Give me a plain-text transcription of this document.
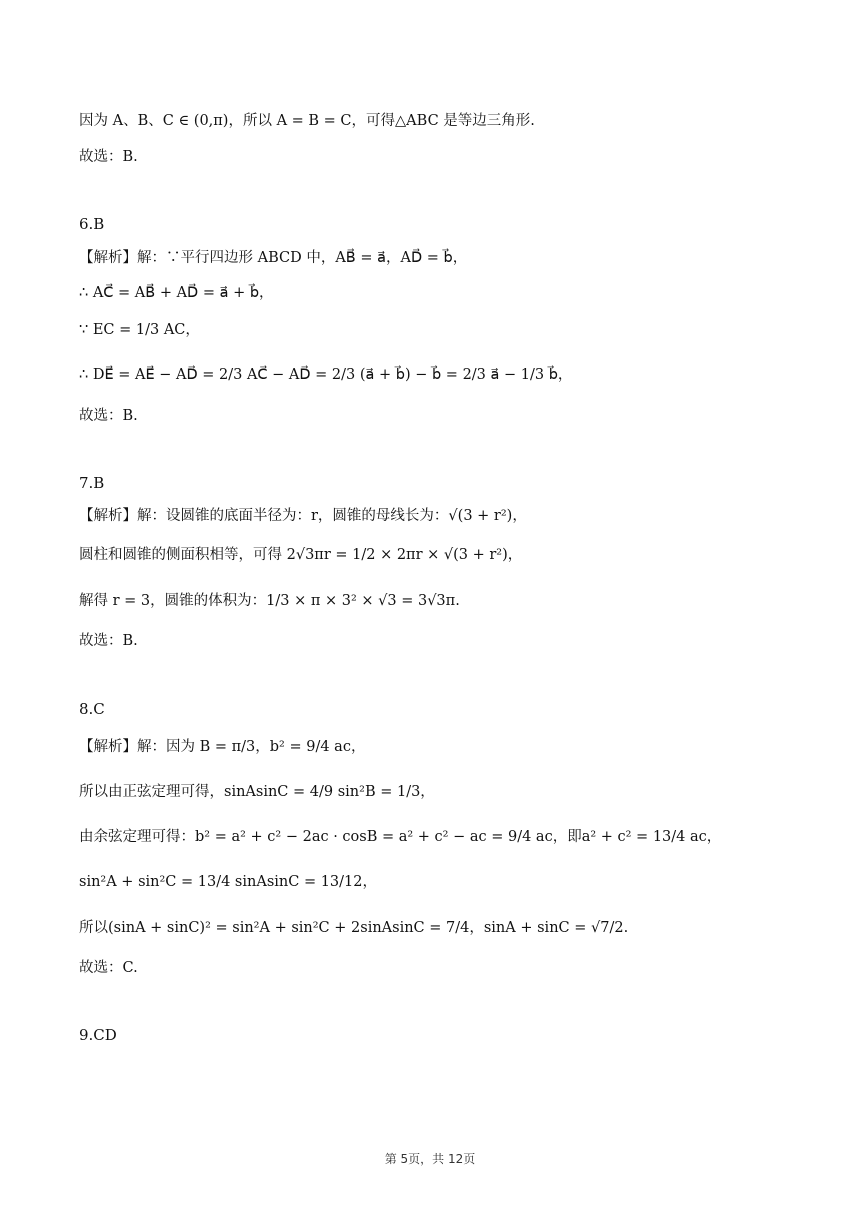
因为 A、B、C ∈ (0,π)，所以 A = B = C，可得△ABC 是等边三角形.
故选：B.
6.B
【解析】解：∵平行四边形 ABCD 中，AB⃗ = a⃗，AD⃗ = b⃗，
∴ AC⃗ = AB⃗ + AD⃗ = a⃗ + b⃗，
∵ EC = 1/3 AC，
∴ DE⃗ = AE⃗ − AD⃗ = 2/3 AC⃗ − AD⃗ = 2/3 (a⃗ + b⃗) − b⃗ = 2/3 a⃗ − 1/3 b⃗，
故选：B.
7.B
【解析】解：设圆锥的底面半径为：r，圆锥的母线长为：√(3 + r²)，
圆柱和圆锥的侧面积相等，可得 2√3πr = 1/2 × 2πr × √(3 + r²)，
解得 r = 3，圆锥的体积为：1/3 × π × 3² × √3 = 3√3π.
故选：B.
8.C
【解析】解：因为 B = π/3，b² = 9/4 ac，
所以由正弦定理可得，sinAsinC = 4/9 sin²B = 1/3，
由余弦定理可得：b² = a² + c² − 2ac · cosB = a² + c² − ac = 9/4 ac，即a² + c² = 13/4 ac，
sin²A + sin²C = 13/4 sinAsinC = 13/12，
所以(sinA + sinC)² = sin²A + sin²C + 2sinAsinC = 7/4，sinA + sinC = √7/2.
故选：C.
9.CD
第 5页，共 12页
